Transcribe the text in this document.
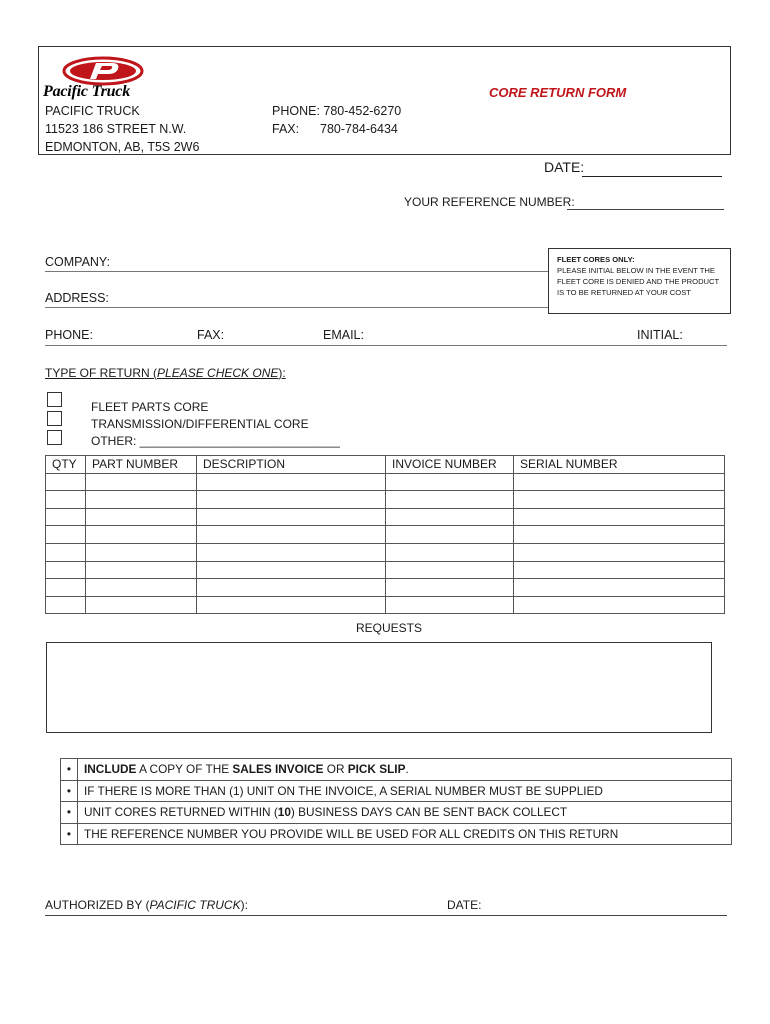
Pacific Truck	CORE RETURN FORM
PACIFIC TRUCK
11523 186 STREET N.W.
EDMONTON, AB, T5S 2W6
PHONE: 780-452-6270
FAX: 780-784-6434
DATE:
YOUR REFERENCE NUMBER:
COMPANY:
ADDRESS:
FLEET CORES ONLY:
PLEASE INITIAL BELOW IN THE EVENT THE FLEET CORE IS DENIED AND THE PRODUCT IS TO BE RETURNED AT YOUR COST
PHONE:	FAX:	EMAIL:	INITIAL:
TYPE OF RETURN (PLEASE CHECK ONE):
FLEET PARTS CORE
TRANSMISSION/DIFFERENTIAL CORE
OTHER: ______________________________
QTY	PART NUMBER	DESCRIPTION	INVOICE NUMBER	SERIAL NUMBER

REQUESTS
•	INCLUDE A COPY OF THE SALES INVOICE OR PICK SLIP.
•	IF THERE IS MORE THAN (1) UNIT ON THE INVOICE, A SERIAL NUMBER MUST BE SUPPLIED
•	UNIT CORES RETURNED WITHIN (10) BUSINESS DAYS CAN BE SENT BACK COLLECT
•	THE REFERENCE NUMBER YOU PROVIDE WILL BE USED FOR ALL CREDITS ON THIS RETURN
AUTHORIZED BY (PACIFIC TRUCK):	DATE:
